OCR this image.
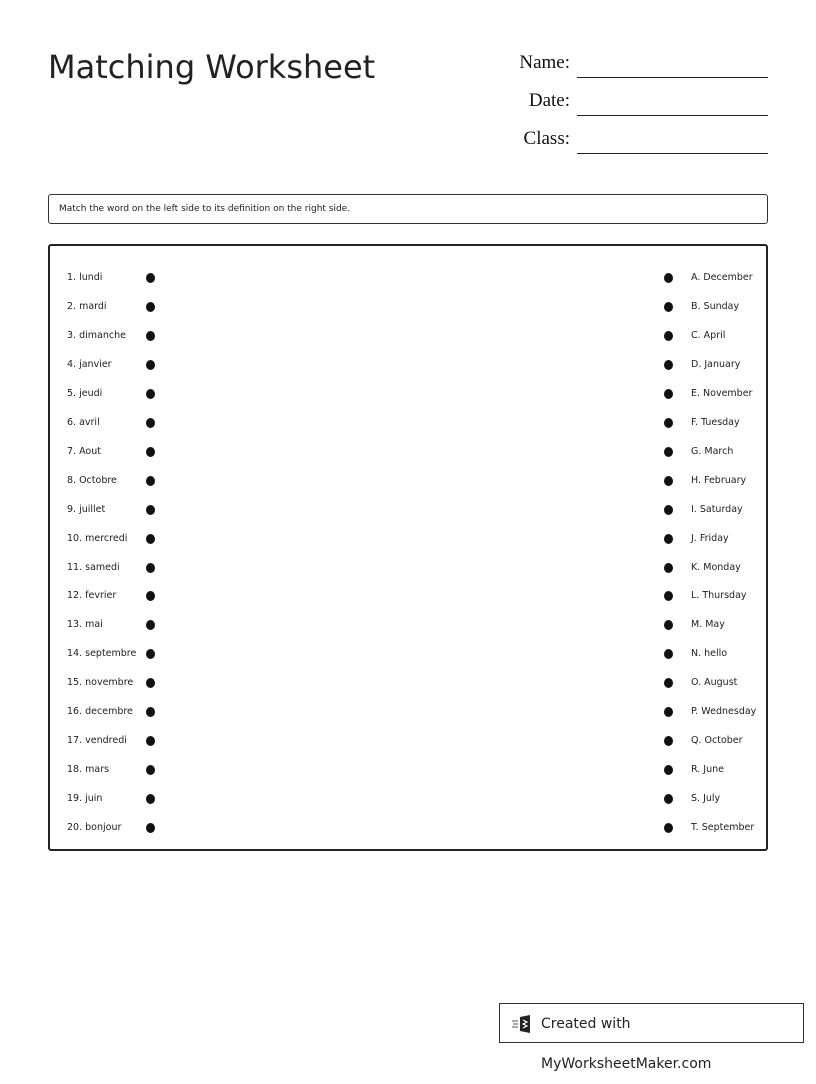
Matching Worksheet	Name:
Date:
Class:
Match the word on the left side to its definition on the right side.
1. lundi	A. December
2. mardi	B. Sunday
3. dimanche	C. April
4. janvier	D. January
5. jeudi	E. November
6. avril	F. Tuesday
7. Aout	G. March
8. Octobre	H. February
9. juillet	I. Saturday
10. mercredi	J. Friday
11. samedi	K. Monday
12. fevrier	L. Thursday
13. mai	M. May
14. septembre	N. hello
15. novembre	O. August
16. decembre	P. Wednesday
17. vendredi	Q. October
18. mars	R. June
19. juin	S. July
20. bonjour	T. September
Created with MyWorksheetMaker.com
